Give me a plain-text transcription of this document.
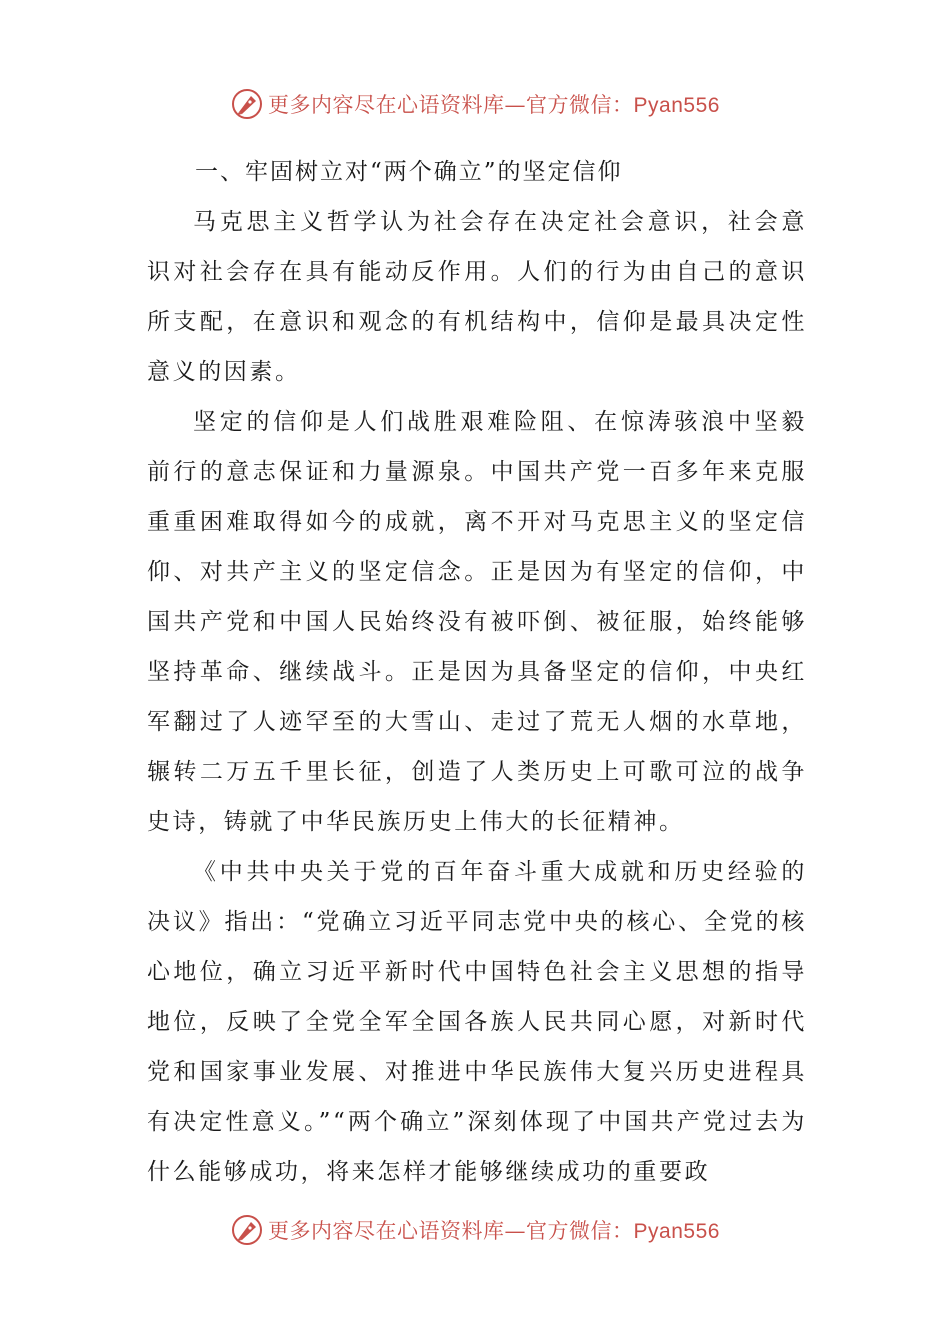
更多内容尽在心语资料库—官方微信：Pyan556

一、牢固树立对“两个确立”的坚定信仰

马克思主义哲学认为社会存在决定社会意识，社会意识对社会存在具有能动反作用。人们的行为由自己的意识所支配，在意识和观念的有机结构中，信仰是最具决定性意义的因素。

坚定的信仰是人们战胜艰难险阻、在惊涛骇浪中坚毅前行的意志保证和力量源泉。中国共产党一百多年来克服重重困难取得如今的成就，离不开对马克思主义的坚定信仰、对共产主义的坚定信念。正是因为有坚定的信仰，中国共产党和中国人民始终没有被吓倒、被征服，始终能够坚持革命、继续战斗。正是因为具备坚定的信仰，中央红军翻过了人迹罕至的大雪山、走过了荒无人烟的水草地，辗转二万五千里长征，创造了人类历史上可歌可泣的战争史诗，铸就了中华民族历史上伟大的长征精神。

《中共中央关于党的百年奋斗重大成就和历史经验的决议》指出：“党确立习近平同志党中央的核心、全党的核心地位，确立习近平新时代中国特色社会主义思想的指导地位，反映了全党全军全国各族人民共同心愿，对新时代党和国家事业发展、对推进中华民族伟大复兴历史进程具有决定性意义。”“两个确立”深刻体现了中国共产党过去为什么能够成功，将来怎样才能够继续成功的重要政

更多内容尽在心语资料库—官方微信：Pyan556
